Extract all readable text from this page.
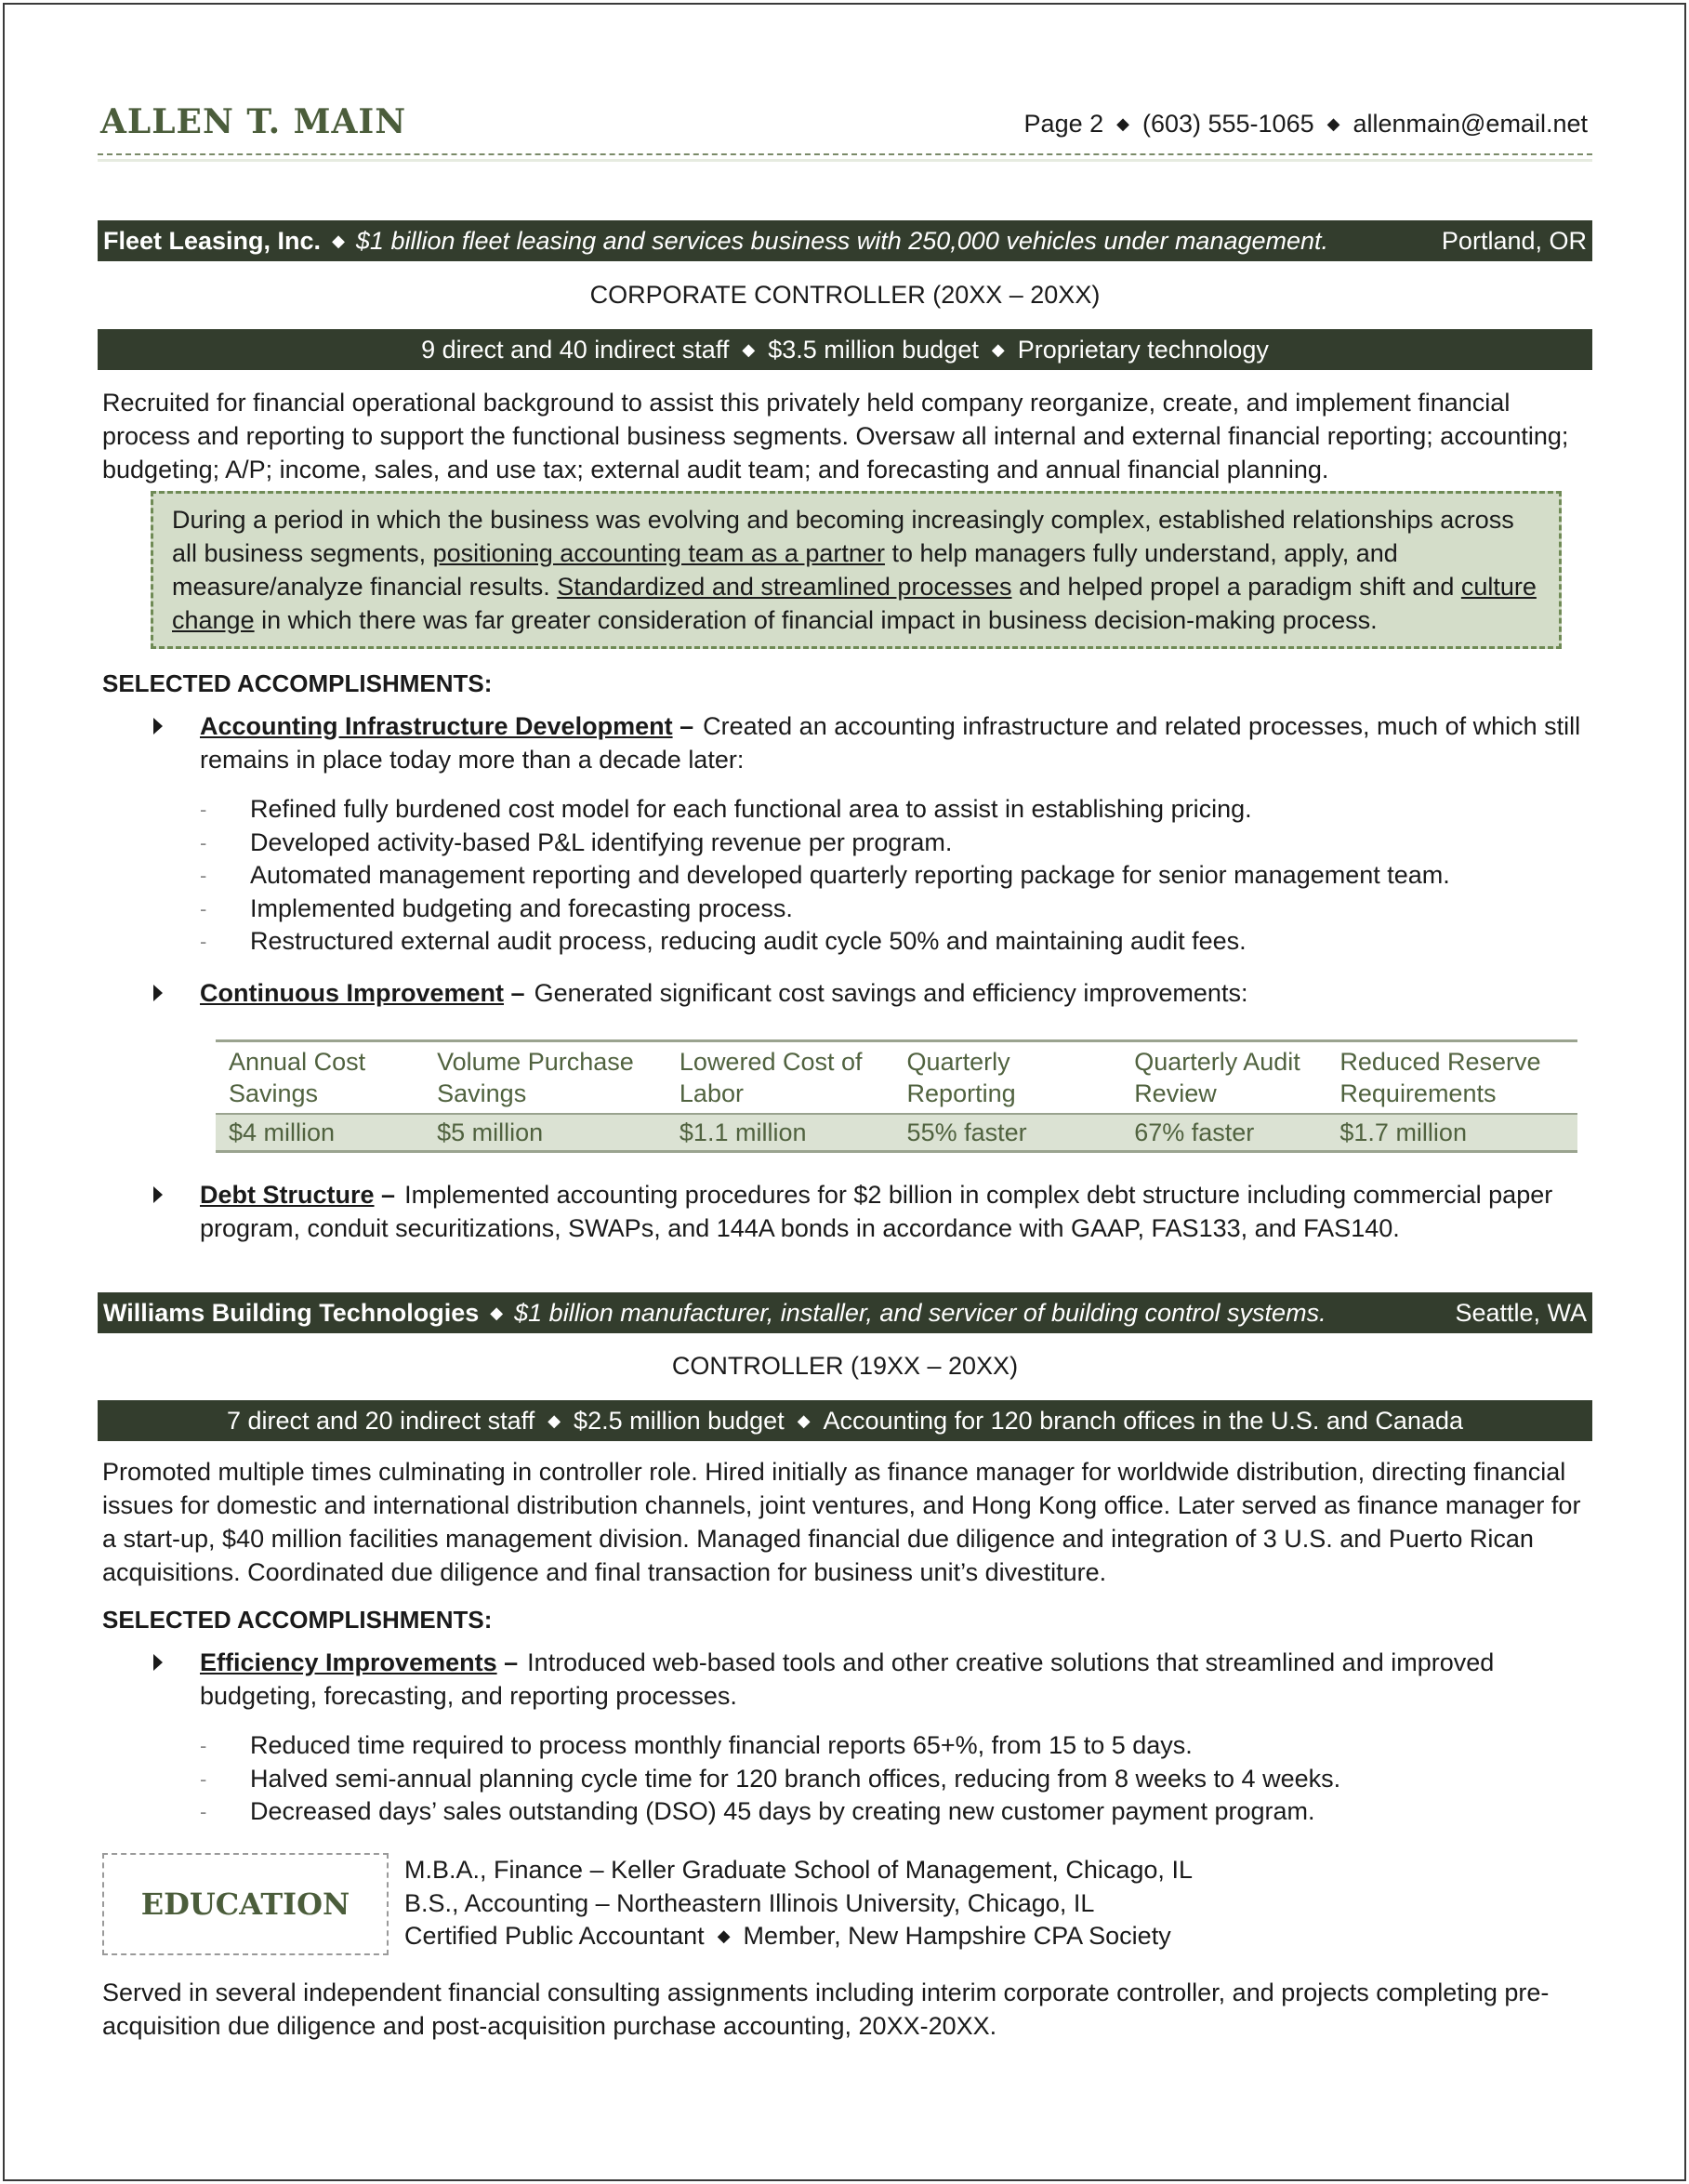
ALLEN T. MAIN	Page 2 ◆ (603) 555-1065 ◆ allenmain@email.net
Fleet Leasing, Inc. ◆ $1 billion fleet leasing and services business with 250,000 vehicles under management.	Portland, OR
CORPORATE CONTROLLER (20XX – 20XX)
9 direct and 40 indirect staff ◆ $3.5 million budget ◆ Proprietary technology
Recruited for financial operational background to assist this privately held company reorganize, create, and implement financial process and reporting to support the functional business segments. Oversaw all internal and external financial reporting; accounting; budgeting; A/P; income, sales, and use tax; external audit team; and forecasting and annual financial planning.
During a period in which the business was evolving and becoming increasingly complex, established relationships across all business segments, positioning accounting team as a partner to help managers fully understand, apply, and measure/analyze financial results. Standardized and streamlined processes and helped propel a paradigm shift and culture change in which there was far greater consideration of financial impact in business decision-making process.
SELECTED ACCOMPLISHMENTS:
Accounting Infrastructure Development – Created an accounting infrastructure and related processes, much of which still remains in place today more than a decade later:
- Refined fully burdened cost model for each functional area to assist in establishing pricing.
- Developed activity-based P&L identifying revenue per program.
- Automated management reporting and developed quarterly reporting package for senior management team.
- Implemented budgeting and forecasting process.
- Restructured external audit process, reducing audit cycle 50% and maintaining audit fees.
Continuous Improvement – Generated significant cost savings and efficiency improvements:
Annual Cost Savings	Volume Purchase Savings	Lowered Cost of Labor	Quarterly Reporting	Quarterly Audit Review	Reduced Reserve Requirements
$4 million	$5 million	$1.1 million	55% faster	67% faster	$1.7 million
Debt Structure – Implemented accounting procedures for $2 billion in complex debt structure including commercial paper program, conduit securitizations, SWAPs, and 144A bonds in accordance with GAAP, FAS133, and FAS140.
Williams Building Technologies ◆ $1 billion manufacturer, installer, and servicer of building control systems.	Seattle, WA
CONTROLLER (19XX – 20XX)
7 direct and 20 indirect staff ◆ $2.5 million budget ◆ Accounting for 120 branch offices in the U.S. and Canada
Promoted multiple times culminating in controller role. Hired initially as finance manager for worldwide distribution, directing financial issues for domestic and international distribution channels, joint ventures, and Hong Kong office. Later served as finance manager for a start-up, $40 million facilities management division. Managed financial due diligence and integration of 3 U.S. and Puerto Rican acquisitions. Coordinated due diligence and final transaction for business unit’s divestiture.
SELECTED ACCOMPLISHMENTS:
Efficiency Improvements – Introduced web-based tools and other creative solutions that streamlined and improved budgeting, forecasting, and reporting processes.
- Reduced time required to process monthly financial reports 65+%, from 15 to 5 days.
- Halved semi-annual planning cycle time for 120 branch offices, reducing from 8 weeks to 4 weeks.
- Decreased days’ sales outstanding (DSO) 45 days by creating new customer payment program.
EDUCATION
M.B.A., Finance – Keller Graduate School of Management, Chicago, IL
B.S., Accounting – Northeastern Illinois University, Chicago, IL
Certified Public Accountant ◆ Member, New Hampshire CPA Society
Served in several independent financial consulting assignments including interim corporate controller, and projects completing pre-acquisition due diligence and post-acquisition purchase accounting, 20XX-20XX.
